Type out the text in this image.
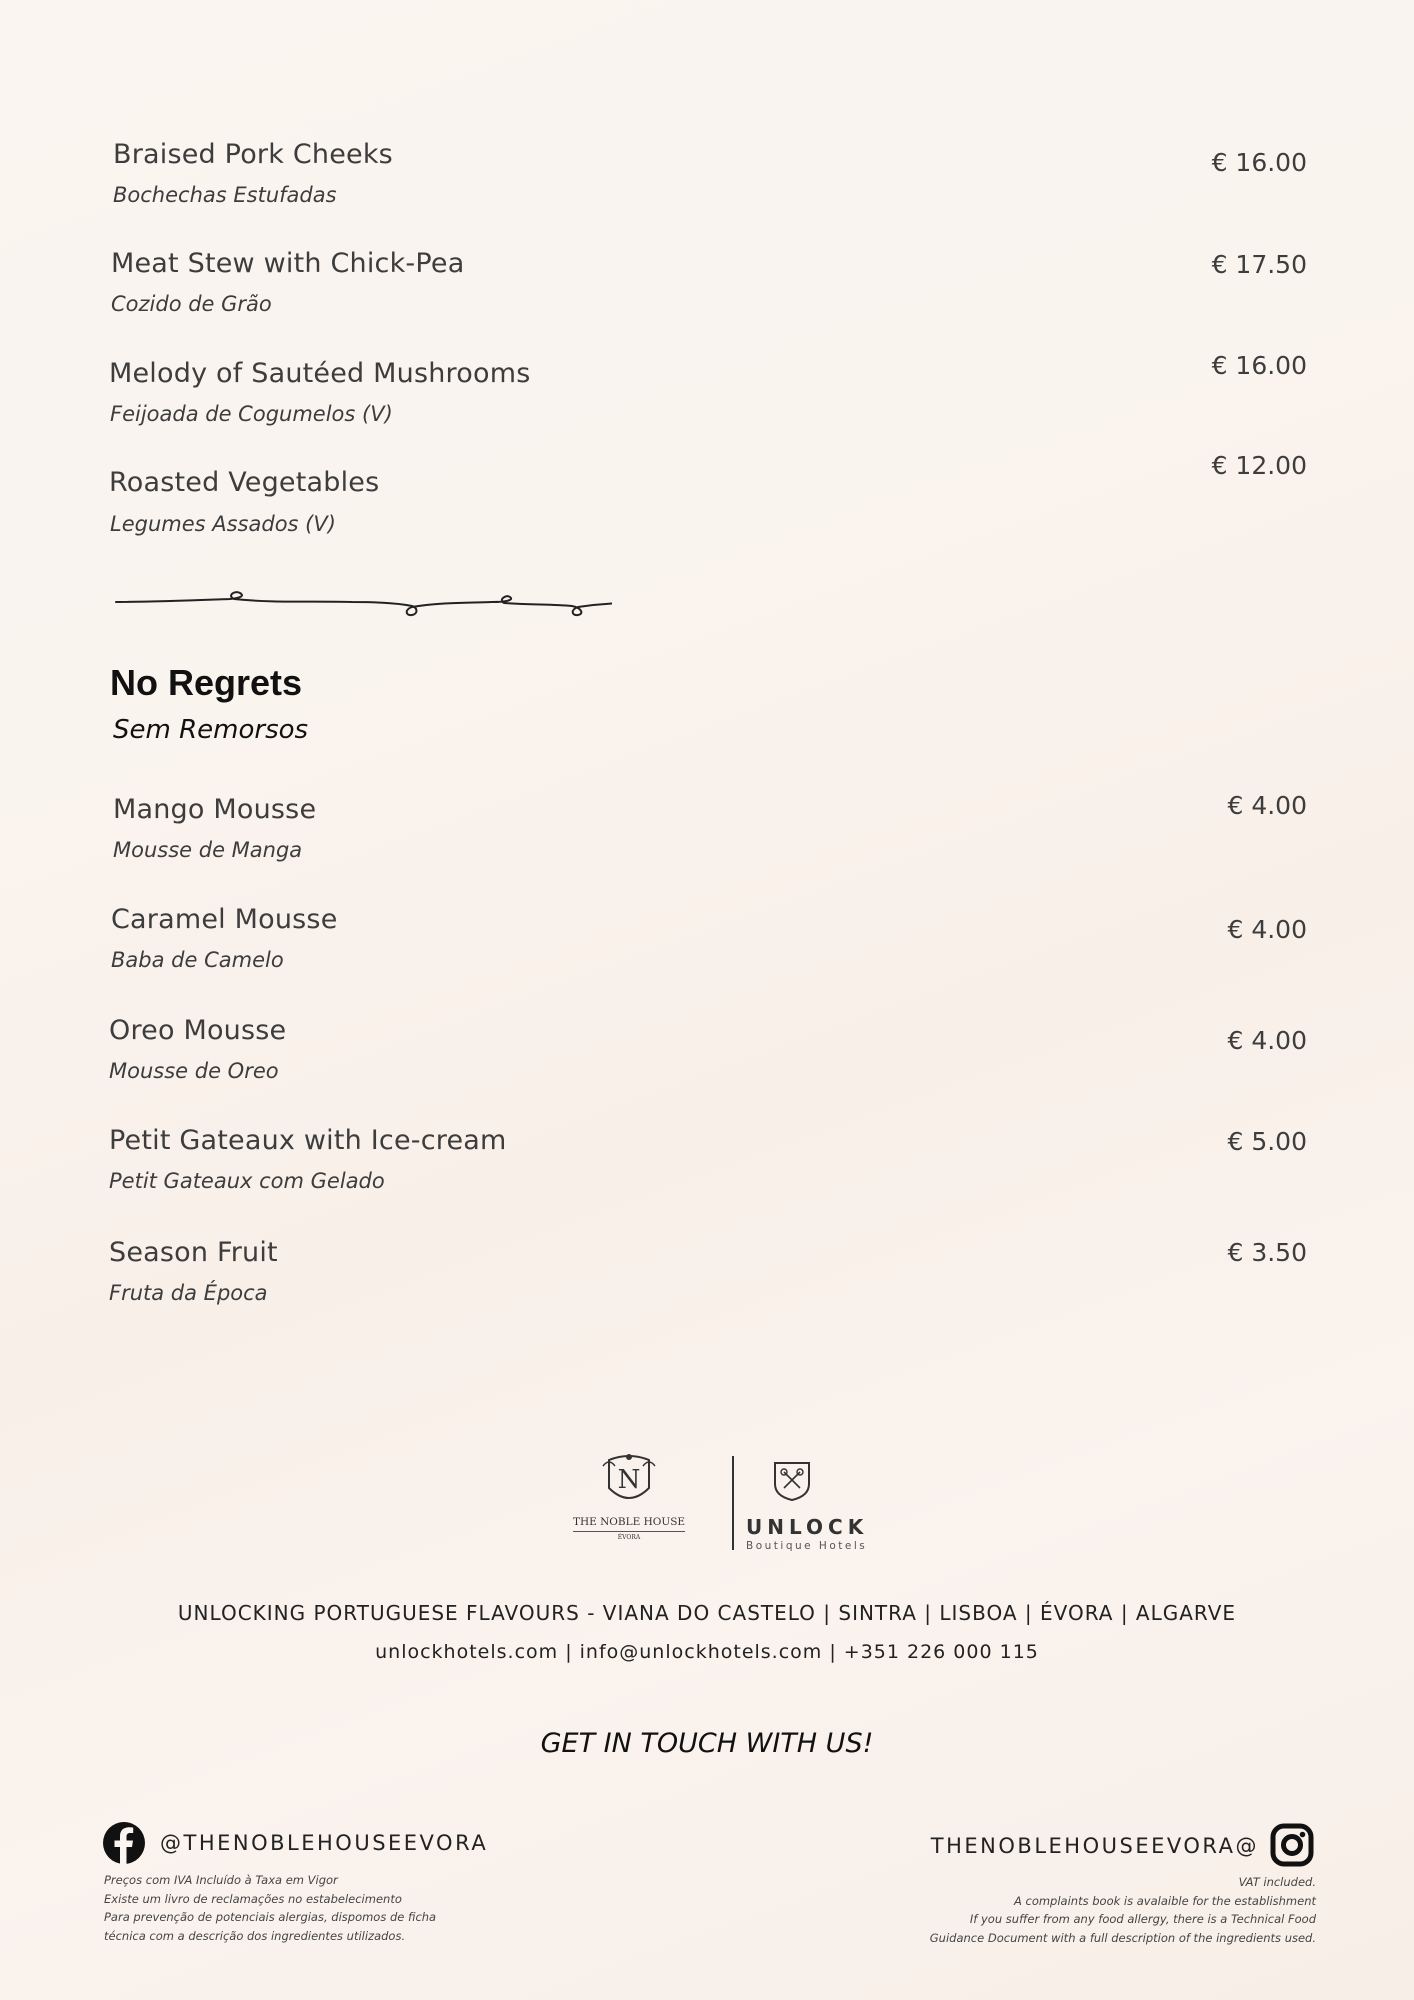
Braised Pork Cheeks
Bochechas Estufadas
€ 16.00
Meat Stew with Chick-Pea
Cozido de Grão
€ 17.50
Melody of Sautéed Mushrooms
Feijoada de Cogumelos (V)
€ 16.00
Roasted Vegetables
Legumes Assados (V)
€ 12.00
No Regrets
Sem Remorsos
Mango Mousse
Mousse de Manga
€ 4.00
Caramel Mousse
Baba de Camelo
€ 4.00
Oreo Mousse
Mousse de Oreo
€ 4.00
Petit Gateaux with Ice-cream
Petit Gateaux com Gelado
€ 5.00
Season Fruit
Fruta da Época
€ 3.50
N
THE NOBLE HOUSE
ÉVORA	UNLOCK
Boutique Hotels
UNLOCKING PORTUGUESE FLAVOURS - VIANA DO CASTELO | SINTRA | LISBOA | ÉVORA | ALGARVE
unlockhotels.com | info@unlockhotels.com | +351 226 000 115
GET IN TOUCH WITH US!
@THENOBLEHOUSEEVORA	THENOBLEHOUSEEVORA@
Preços com IVA Incluído à Taxa em Vigor
Existe um livro de reclamações no estabelecimento
Para prevenção de potenciais alergias, dispomos de ficha
técnica com a descrição dos ingredientes utilizados.
VAT included.
A complaints book is avalaible for the establishment
If you suffer from any food allergy, there is a Technical Food
Guidance Document with a full description of the ingredients used.
